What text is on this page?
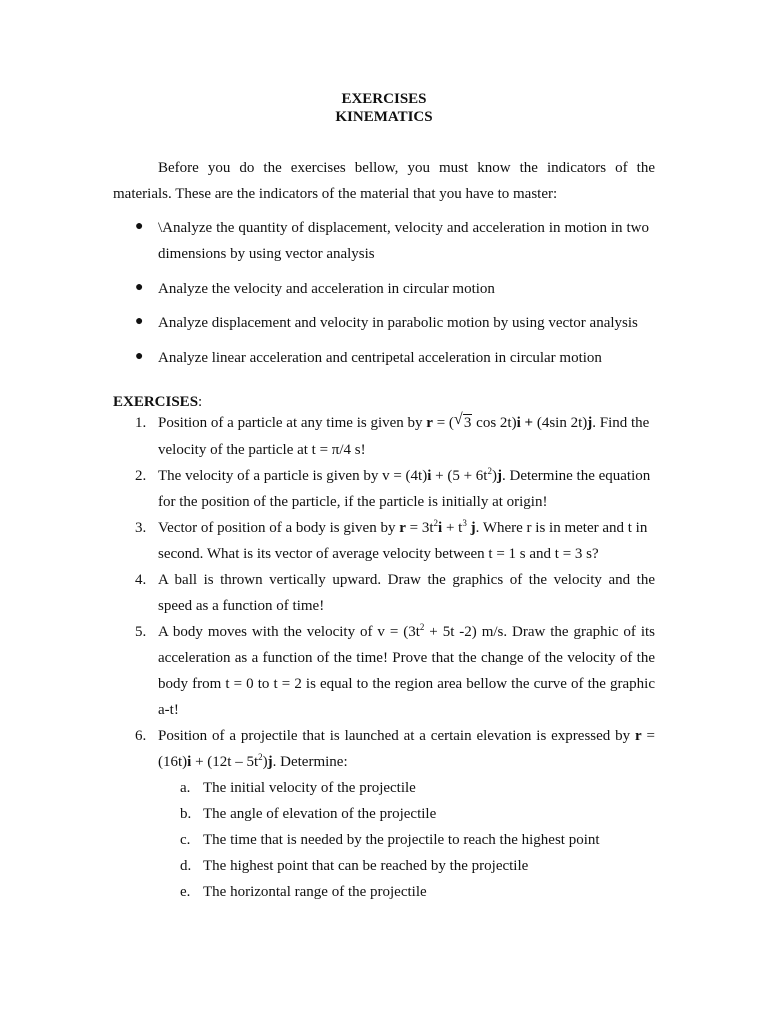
EXERCISES
KINEMATICS
Before you do the exercises bellow, you must know the indicators of the
materials. These are the indicators of the material that you have to master:
● \Analyze the quantity of displacement, velocity and acceleration in motion in two
dimensions by using vector analysis
● Analyze the velocity and acceleration in circular motion
● Analyze displacement and velocity in parabolic motion by using vector analysis
● Analyze linear acceleration and centripetal acceleration in circular motion
EXERCISES:
1. Position of a particle at any time is given by r = ( √ 3 cos 2t)i + (4sin 2t)j. Find the
velocity of the particle at t = π/4 s!
2. The velocity of a particle is given by $v = (4t)i + (5 + 6t^2)j$. Determine the equation
for the position of the particle, if the particle is initially at origin!
3. Vector of position of a body is given by $r = 3t^2i + t^3$ j. Where r is in meter and t in
second. What is its vector of average velocity between t = 1 s and t = 3 s?
4. A ball is thrown vertically upward. Draw the graphics of the velocity and the
speed as a function of time!
5. A body moves with the velocity of $v = (3t^2 + 5t$ -2) m/s. Draw the graphic of its
acceleration as a function of the time! Prove that the change of the velocity of the
body from t = 0 to t = 2 is equal to the region area bellow the curve of the graphic
a-t!
6. Position of a projectile that is launched at a certain elevation is expressed by r =
$(16t)i + (12t - 5t^2)j$. Determine:
a. The initial velocity of the projectile
b. The angle of elevation of the projectile
c. The time that is needed by the projectile to reach the highest point
d. The highest point that can be reached by the projectile
e. The horizontal range of the projectile
